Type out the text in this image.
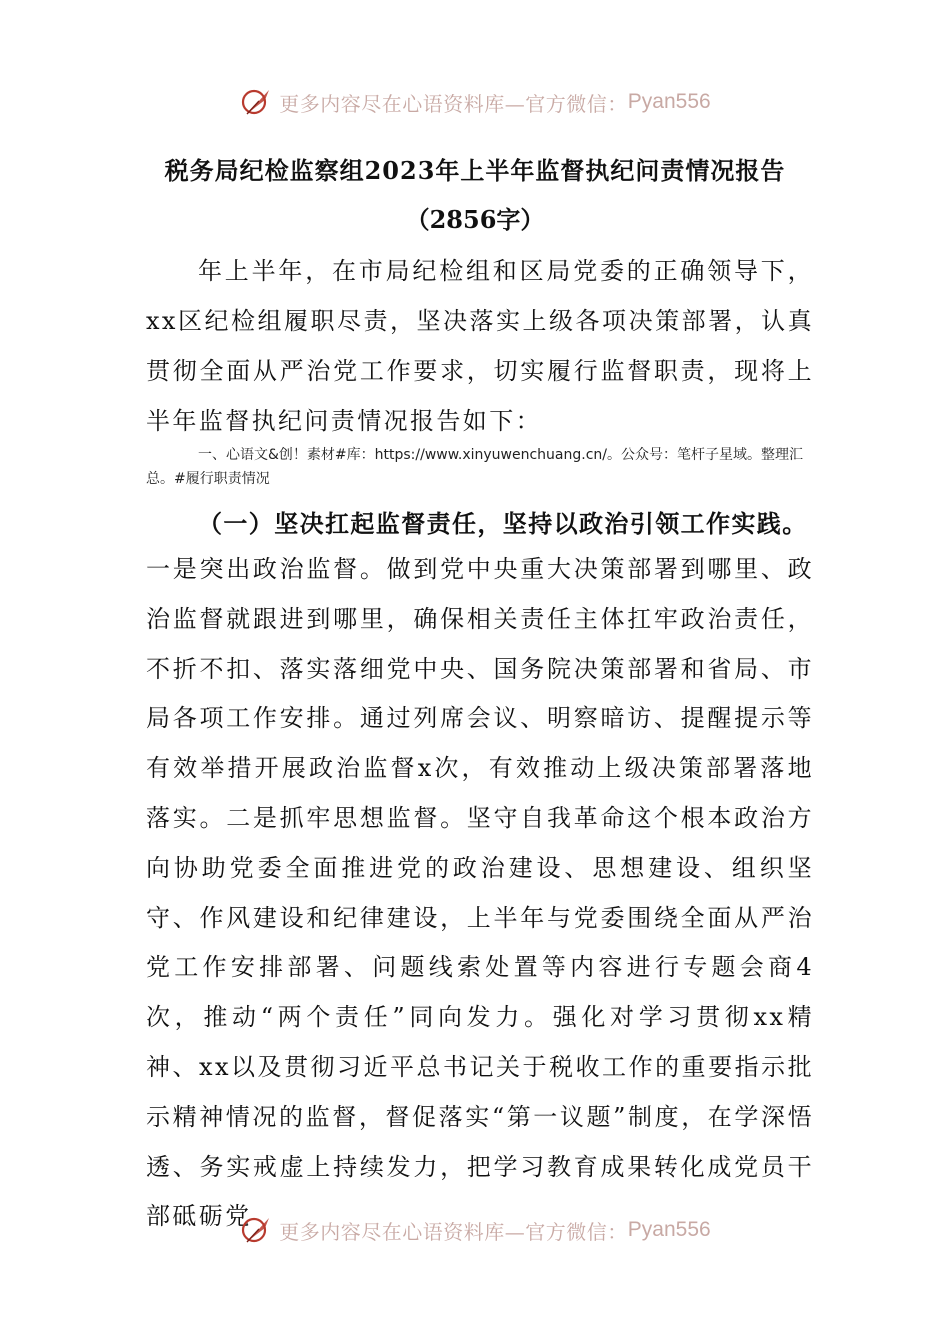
更多内容尽在心语资料库—官方微信： Pyan556
税务局纪检监察组2023年上半年监督执纪问责情况报告
（2856字）

年上半年，在市局纪检组和区局党委的正确领导下，xx区纪检组履职尽责，坚决落实上级各项决策部署，认真贯彻全面从严治党工作要求，切实履行监督职责，现将上半年监督执纪问责情况报告如下：

一、心语文&创！素材#库：https://www.xinyuwenchuang.cn/。公众号：笔杆子星域。整理汇总。#履行职责情况

（一）坚决扛起监督责任，坚持以政治引领工作实践。

一是突出政治监督。做到党中央重大决策部署到哪里、政治监督就跟进到哪里，确保相关责任主体扛牢政治责任，不折不扣、落实落细党中央、国务院决策部署和省局、市局各项工作安排。通过列席会议、明察暗访、提醒提示等有效举措开展政治监督x次，有效推动上级决策部署落地落实。二是抓牢思想监督。坚守自我革命这个根本政治方向协助党委全面推进党的政治建设、思想建设、组织坚守、作风建设和纪律建设，上半年与党委围绕全面从严治党工作安排部署、问题线索处置等内容进行专题会商4次，推动“两个责任”同向发力。强化对学习贯彻xx精神、xx以及贯彻习近平总书记关于税收工作的重要指示批示精神情况的监督，督促落实“第一议题”制度，在学深悟透、务实戒虚上持续发力，把学习教育成果转化成党员干部砥砺党

更多内容尽在心语资料库—官方微信： Pyan556
